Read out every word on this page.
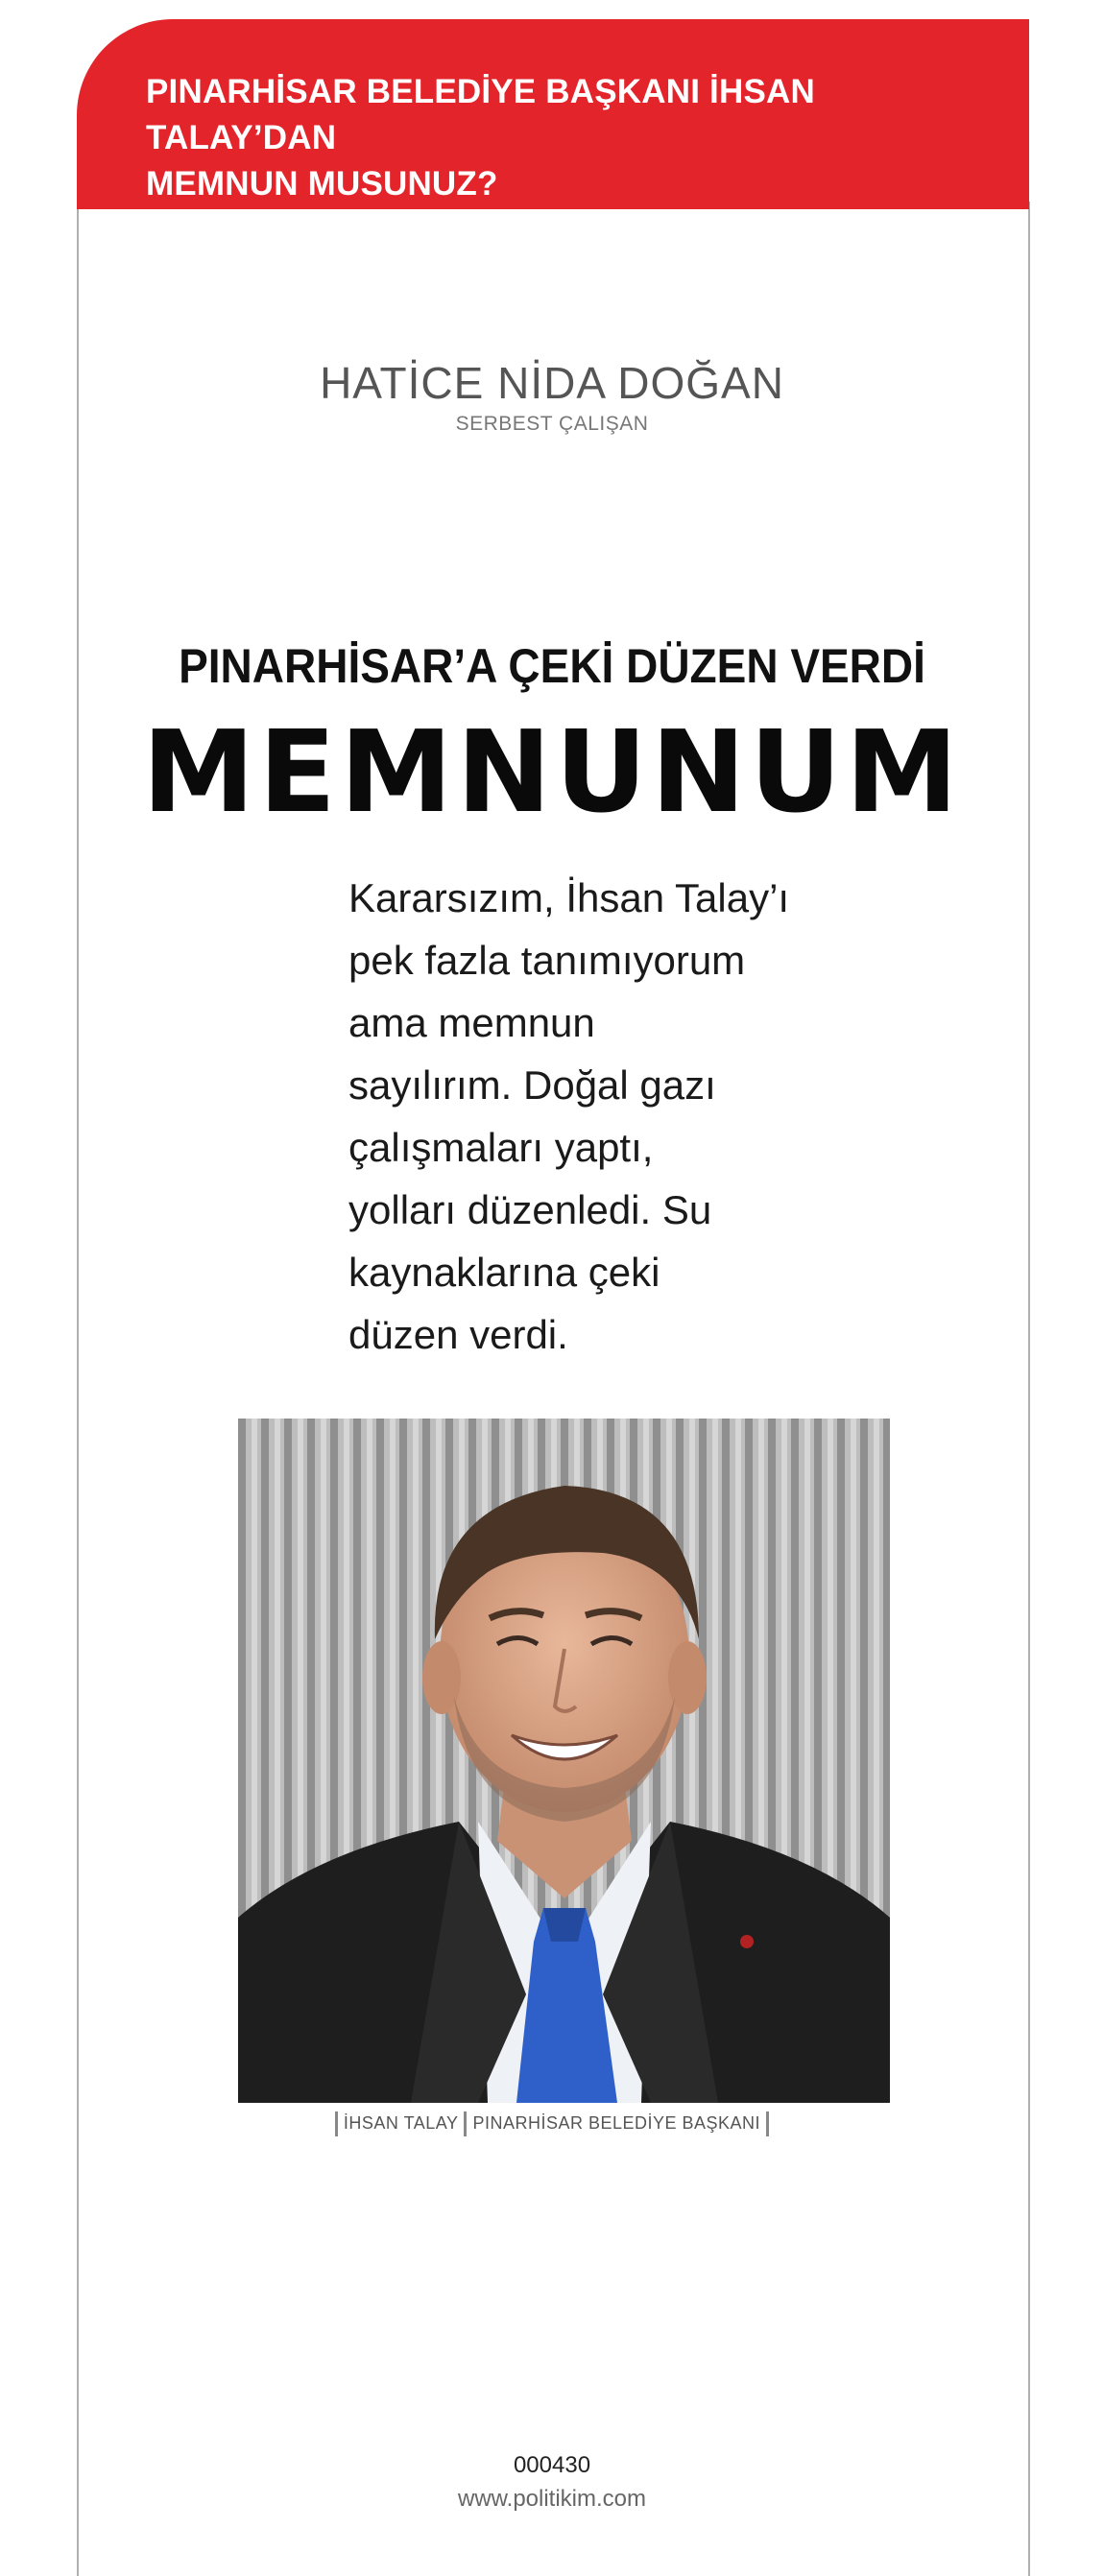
PINARHİSAR BELEDİYE BAŞKANI İHSAN TALAY’DAN
MEMNUN MUSUNUZ?
HATİCE NİDA DOĞAN
SERBEST ÇALIŞAN
PINARHİSAR’A ÇEKİ DÜZEN VERDİ
MEMNUNUM
Kararsızım, İhsan Talay’ı
pek fazla tanımıyorum
ama memnun
sayılırım. Doğal gazı
çalışmaları yaptı,
yolları düzenledi. Su
kaynaklarına çeki
düzen verdi.
İHSAN TALAY PINARHİSAR BELEDİYE BAŞKANI
000430
www.politikim.com
